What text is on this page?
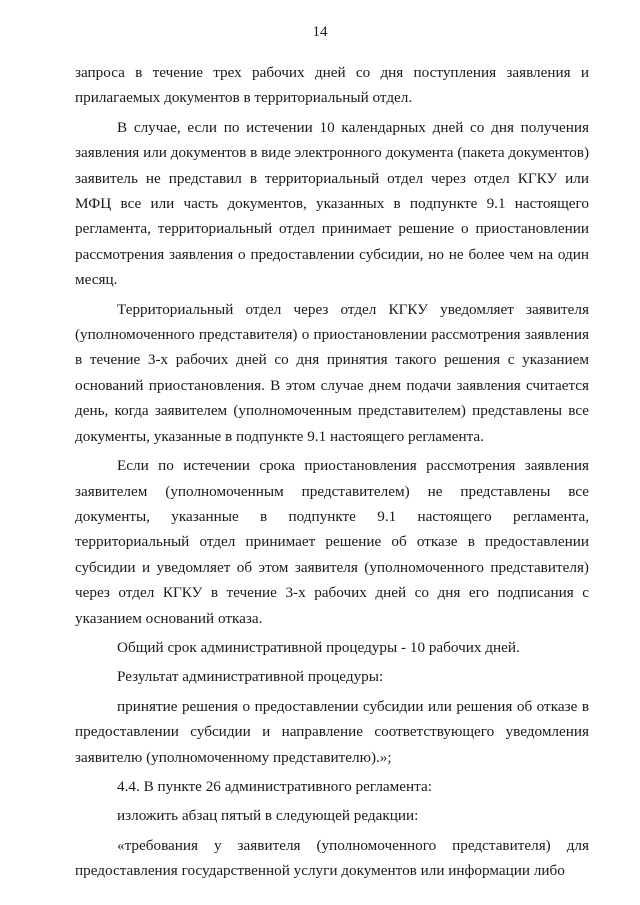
14

запроса в течение трех рабочих дней со дня поступления заявления и прилагаемых документов в территориальный отдел.

В случае, если по истечении 10 календарных дней со дня получения заявления или документов в виде электронного документа (пакета документов) заявитель не представил в территориальный отдел через отдел КГКУ или МФЦ все или часть документов, указанных в подпункте 9.1 настоящего регламента, территориальный отдел принимает решение о приостановлении рассмотрения заявления о предоставлении субсидии, но не более чем на один месяц.

Территориальный отдел через отдел КГКУ уведомляет заявителя (уполномоченного представителя) о приостановлении рассмотрения заявления в течение 3-х рабочих дней со дня принятия такого решения с указанием оснований приостановления. В этом случае днем подачи заявления считается день, когда заявителем (уполномоченным представителем) представлены все документы, указанные в подпункте 9.1 настоящего регламента.

Если по истечении срока приостановления рассмотрения заявления заявителем (уполномоченным представителем) не представлены все документы, указанные в подпункте 9.1 настоящего регламента, территориальный отдел принимает решение об отказе в предоставлении субсидии и уведомляет об этом заявителя (уполномоченного представителя) через отдел КГКУ в течение 3-х рабочих дней со дня его подписания с указанием оснований отказа.

Общий срок административной процедуры - 10 рабочих дней.

Результат административной процедуры:

принятие решения о предоставлении субсидии или решения об отказе в предоставлении субсидии и направление соответствующего уведомления заявителю (уполномоченному представителю).»;

4.4. В пункте 26 административного регламента:

изложить абзац пятый в следующей редакции:

«требования у заявителя (уполномоченного представителя) для предоставления государственной услуги документов или информации либо
